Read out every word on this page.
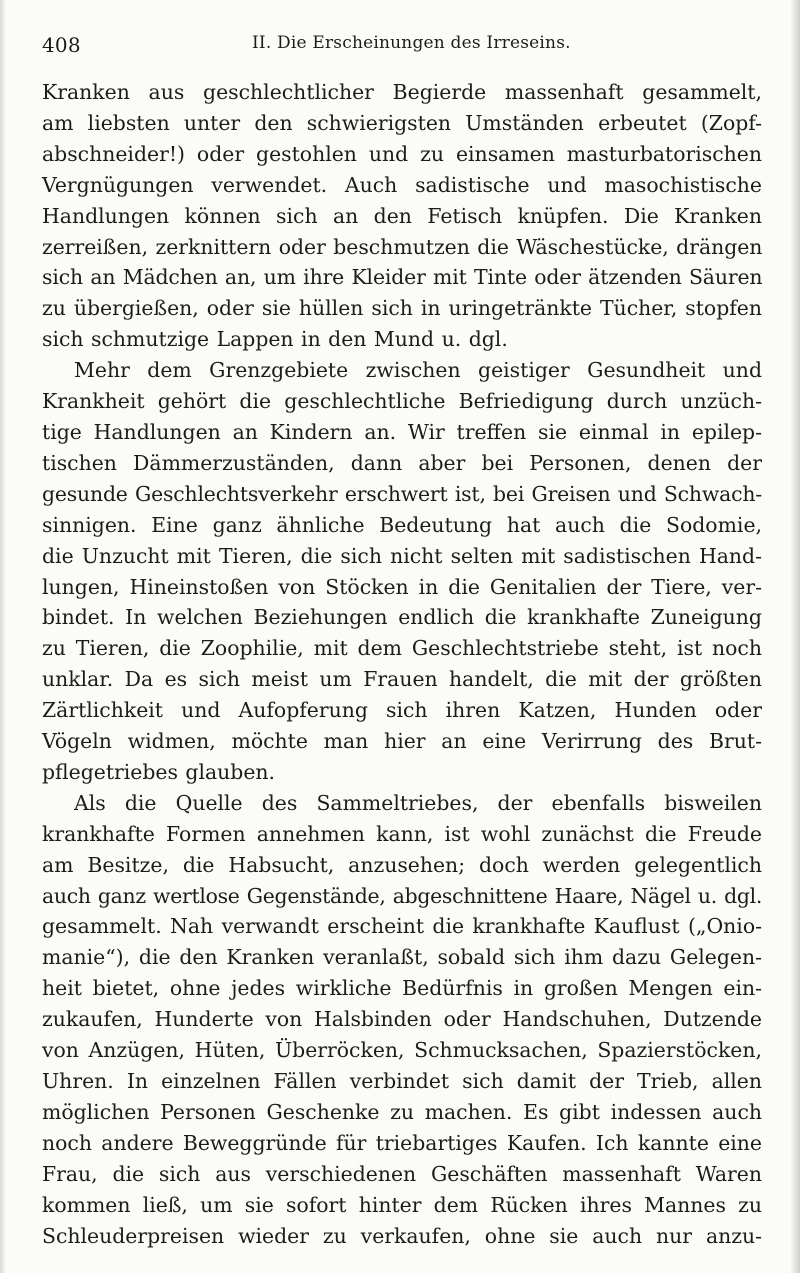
408	II. Die Erscheinungen des Irreseins.
Kranken aus geschlechtlicher Begierde massenhaft gesammelt,
am liebsten unter den schwierigsten Umständen erbeutet (Zopf-
abschneider!) oder gestohlen und zu einsamen masturbatorischen
Vergnügungen verwendet. Auch sadistische und masochistische
Handlungen können sich an den Fetisch knüpfen. Die Kranken
zerreißen, zerknittern oder beschmutzen die Wäschestücke, drängen
sich an Mädchen an, um ihre Kleider mit Tinte oder ätzenden Säuren
zu übergießen, oder sie hüllen sich in uringetränkte Tücher, stopfen
sich schmutzige Lappen in den Mund u. dgl.
Mehr dem Grenzgebiete zwischen geistiger Gesundheit und
Krankheit gehört die geschlechtliche Befriedigung durch unzüch-
tige Handlungen an Kindern an. Wir treffen sie einmal in epilep-
tischen Dämmerzuständen, dann aber bei Personen, denen der
gesunde Geschlechtsverkehr erschwert ist, bei Greisen und Schwach-
sinnigen. Eine ganz ähnliche Bedeutung hat auch die Sodomie,
die Unzucht mit Tieren, die sich nicht selten mit sadistischen Hand-
lungen, Hineinstoßen von Stöcken in die Genitalien der Tiere, ver-
bindet. In welchen Beziehungen endlich die krankhafte Zuneigung
zu Tieren, die Zoophilie, mit dem Geschlechtstriebe steht, ist noch
unklar. Da es sich meist um Frauen handelt, die mit der größten
Zärtlichkeit und Aufopferung sich ihren Katzen, Hunden oder
Vögeln widmen, möchte man hier an eine Verirrung des Brut-
pflegetriebes glauben.
Als die Quelle des Sammeltriebes, der ebenfalls bisweilen
krankhafte Formen annehmen kann, ist wohl zunächst die Freude
am Besitze, die Habsucht, anzusehen; doch werden gelegentlich
auch ganz wertlose Gegenstände, abgeschnittene Haare, Nägel u. dgl.
gesammelt. Nah verwandt erscheint die krankhafte Kauflust („Onio-
manie“), die den Kranken veranlaßt, sobald sich ihm dazu Gelegen-
heit bietet, ohne jedes wirkliche Bedürfnis in großen Mengen ein-
zukaufen, Hunderte von Halsbinden oder Handschuhen, Dutzende
von Anzügen, Hüten, Überröcken, Schmucksachen, Spazierstöcken,
Uhren. In einzelnen Fällen verbindet sich damit der Trieb, allen
möglichen Personen Geschenke zu machen. Es gibt indessen auch
noch andere Beweggründe für triebartiges Kaufen. Ich kannte eine
Frau, die sich aus verschiedenen Geschäften massenhaft Waren
kommen ließ, um sie sofort hinter dem Rücken ihres Mannes zu
Schleuderpreisen wieder zu verkaufen, ohne sie auch nur anzu-
